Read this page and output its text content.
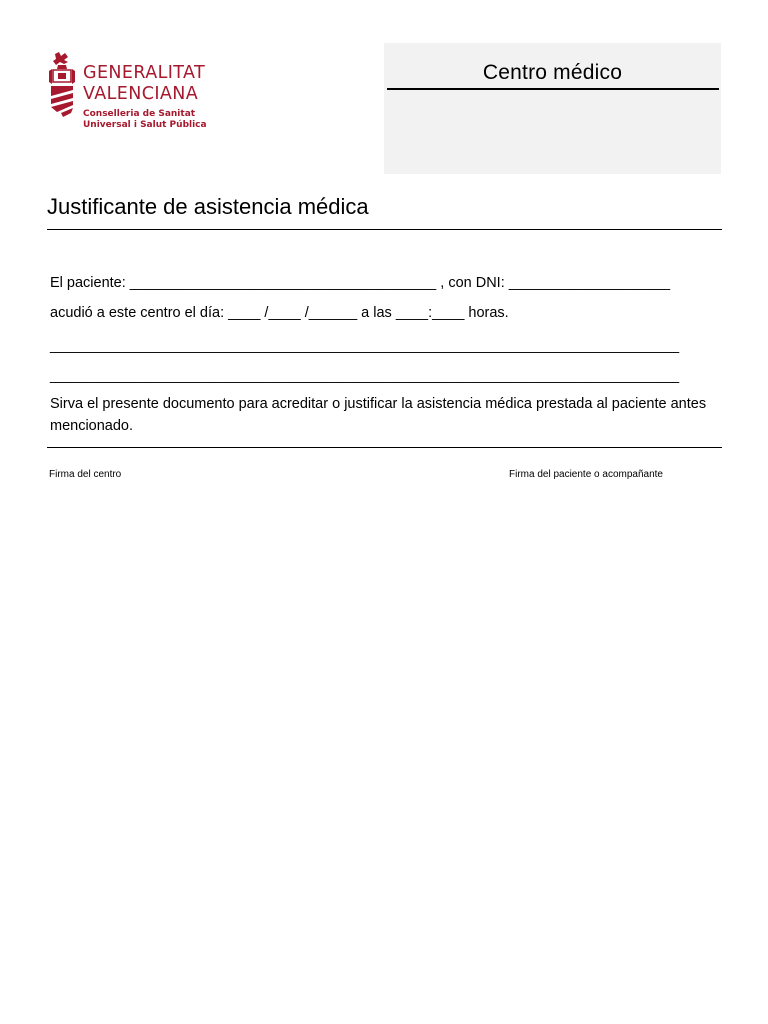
GENERALITAT
VALENCIANA
Conselleria de Sanitat
Universal i Salut Pública
Centro médico
Justificante de asistencia médica
El paciente: ______________________________________ , con DNI: ____________________
acudió a este centro el día: ____ /____ /______ a las ____:____ horas.
______________________________________________________________________________
______________________________________________________________________________
Sirva el presente documento para acreditar o justificar la asistencia médica prestada al paciente antes mencionado.
Firma del centro	Firma del paciente o acompañante
